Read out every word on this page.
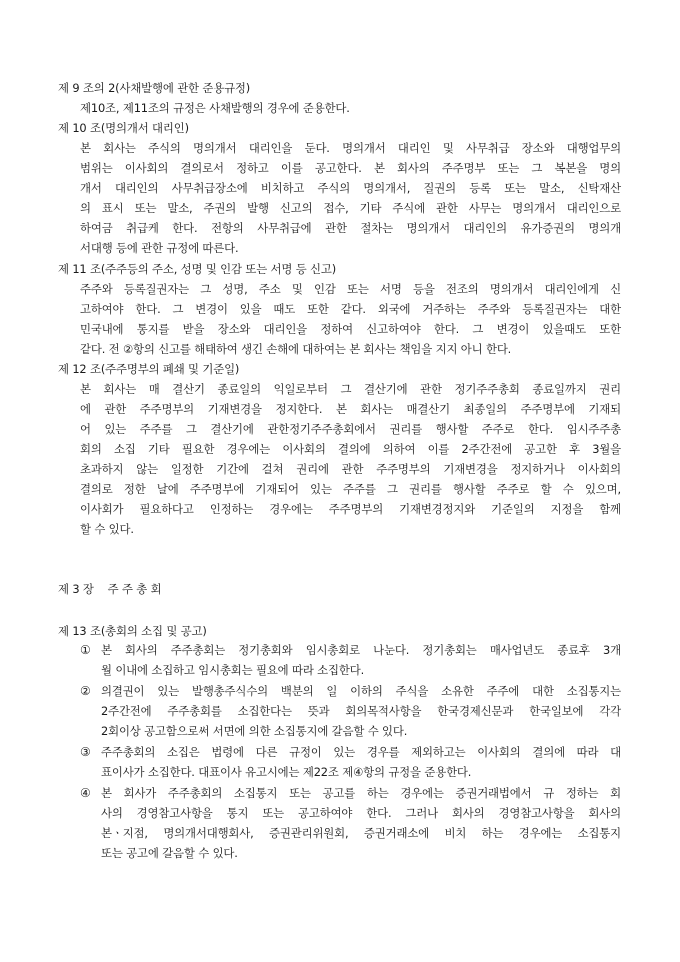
제 9 조의 2(사채발행에 관한 준용규정)
제10조, 제11조의 규정은 사채발행의 경우에 준용한다.
제 10 조(명의개서 대리인)
본 회사는 주식의 명의개서 대리인을 둔다. 명의개서 대리인 및 사무취급 장소와 대행업무의
범위는 이사회의 결의로서 정하고 이를 공고한다. 본 회사의 주주명부 또는 그 복본을 명의
개서 대리인의 사무취급장소에 비치하고 주식의 명의개서, 질권의 등록 또는 말소, 신탁재산
의 표시 또는 말소, 주권의 발행 신고의 접수, 기타 주식에 관한 사무는 명의개서 대리인으로
하여금 취급케 한다. 전항의 사무취급에 관한 절차는 명의개서 대리인의 유가증권의 명의개
서대행 등에 관한 규정에 따른다.
제 11 조(주주등의 주소, 성명 및 인감 또는 서명 등 신고)
주주와 등록질권자는 그 성명, 주소 및 인감 또는 서명 등을 전조의 명의개서 대리인에게 신
고하여야 한다. 그 변경이 있을 때도 또한 같다. 외국에 거주하는 주주와 등록질권자는 대한
민국내에 통지를 받을 장소와 대리인을 정하여 신고하여야 한다. 그 변경이 있을때도 또한
같다. 전 ②항의 신고를 해태하여 생긴 손해에 대하여는 본 회사는 책임을 지지 아니 한다.
제 12 조(주주명부의 폐쇄 및 기준일)
본 회사는 매 결산기 종료일의 익일로부터 그 결산기에 관한 정기주주총회 종료일까지 권리
에 관한 주주명부의 기재변경을 정지한다. 본 회사는 매결산기 최종일의 주주명부에 기재되
어 있는 주주를 그 결산기에 관한정기주주총회에서 권리를 행사할 주주로 한다. 임시주주총
회의 소집 기타 필요한 경우에는 이사회의 결의에 의하여 이를 2주간전에 공고한 후 3월을
초과하지 않는 일정한 기간에 걸쳐 권리에 관한 주주명부의 기재변경을 정지하거나 이사회의
결의로 정한 날에 주주명부에 기재되어 있는 주주를 그 권리를 행사할 주주로 할 수 있으며,
이사회가 필요하다고 인정하는 경우에는 주주명부의 기재변경정지와 기준일의 지정을 함께
할 수 있다.
제 3 장    주 주 총 회
제 13 조(총회의 소집 및 공고)
① 본 회사의 주주총회는 정기총회와 임시총회로 나눈다. 정기총회는 매사업년도 종료후 3개
월 이내에 소집하고 임시총회는 필요에 따라 소집한다.
② 의결권이 있는 발행총주식수의 백분의 일 이하의 주식을 소유한 주주에 대한 소집통지는
2주간전에 주주총회를 소집한다는 뜻과 회의목적사항을 한국경제신문과 한국일보에 각각
2회이상 공고함으로써 서면에 의한 소집통지에 갈음할 수 있다.
③ 주주총회의 소집은 법령에 다른 규정이 있는 경우를 제외하고는 이사회의 결의에 따라 대
표이사가 소집한다. 대표이사 유고시에는 제22조 제④항의 규정을 준용한다.
④ 본 회사가 주주총회의 소집통지 또는 공고를 하는 경우에는 증권거래법에서 규 정하는 회
사의 경영참고사항을 통지 또는 공고하여야 한다. 그러나 회사의 경영참고사항을 회사의
본ㆍ지점, 명의개서대행회사, 증권관리위원회, 증권거래소에 비치 하는 경우에는 소집통지
또는 공고에 갈음할 수 있다.
